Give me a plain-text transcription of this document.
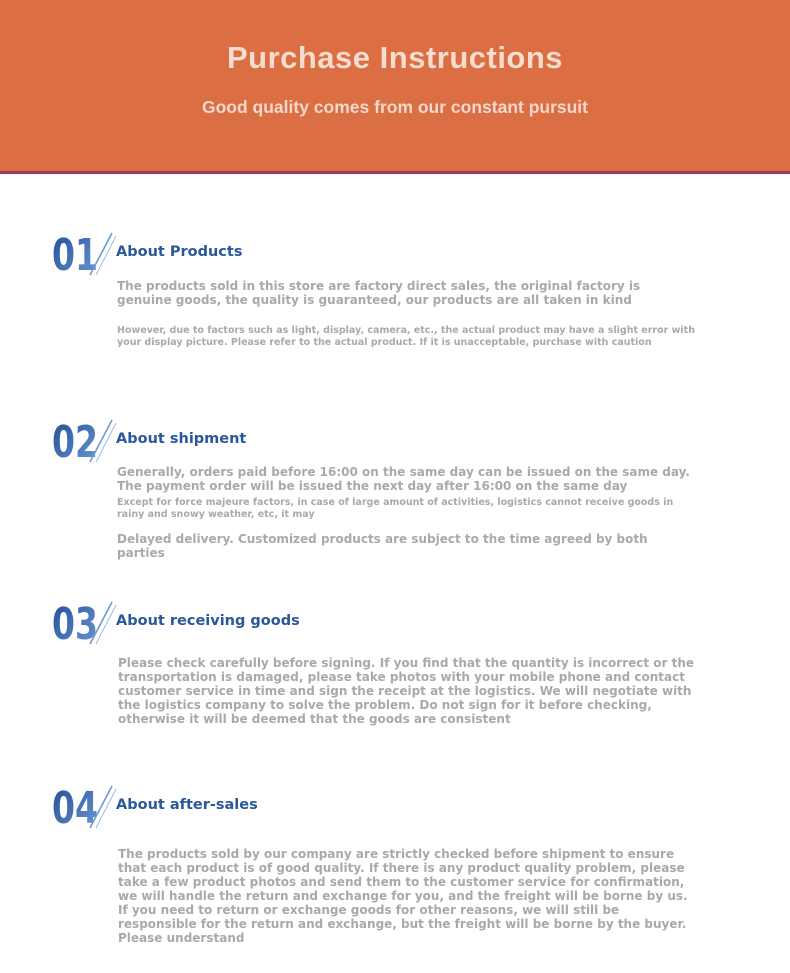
Purchase Instructions
Good quality comes from our constant pursuit
01 About Products
The products sold in this store are factory direct sales, the original factory is genuine goods, the quality is guaranteed, our products are all taken in kind
However, due to factors such as light, display, camera, etc., the actual product may have a slight error with your display picture. Please refer to the actual product. If it is unacceptable, purchase with caution
02 About shipment
Generally, orders paid before 16:00 on the same day can be issued on the same day. The payment order will be issued the next day after 16:00 on the same day
Except for force majeure factors, in case of large amount of activities, logistics cannot receive goods in rainy and snowy weather, etc, it may
Delayed delivery. Customized products are subject to the time agreed by both parties
03 About receiving goods
Please check carefully before signing. If you find that the quantity is incorrect or the transportation is damaged, please take photos with your mobile phone and contact customer service in time and sign the receipt at the logistics. We will negotiate with the logistics company to solve the problem. Do not sign for it before checking, otherwise it will be deemed that the goods are consistent
04 About after-sales
The products sold by our company are strictly checked before shipment to ensure that each product is of good quality. If there is any product quality problem, please take a few product photos and send them to the customer service for confirmation, we will handle the return and exchange for you, and the freight will be borne by us. If you need to return or exchange goods for other reasons, we will still be responsible for the return and exchange, but the freight will be borne by the buyer. Please understand
